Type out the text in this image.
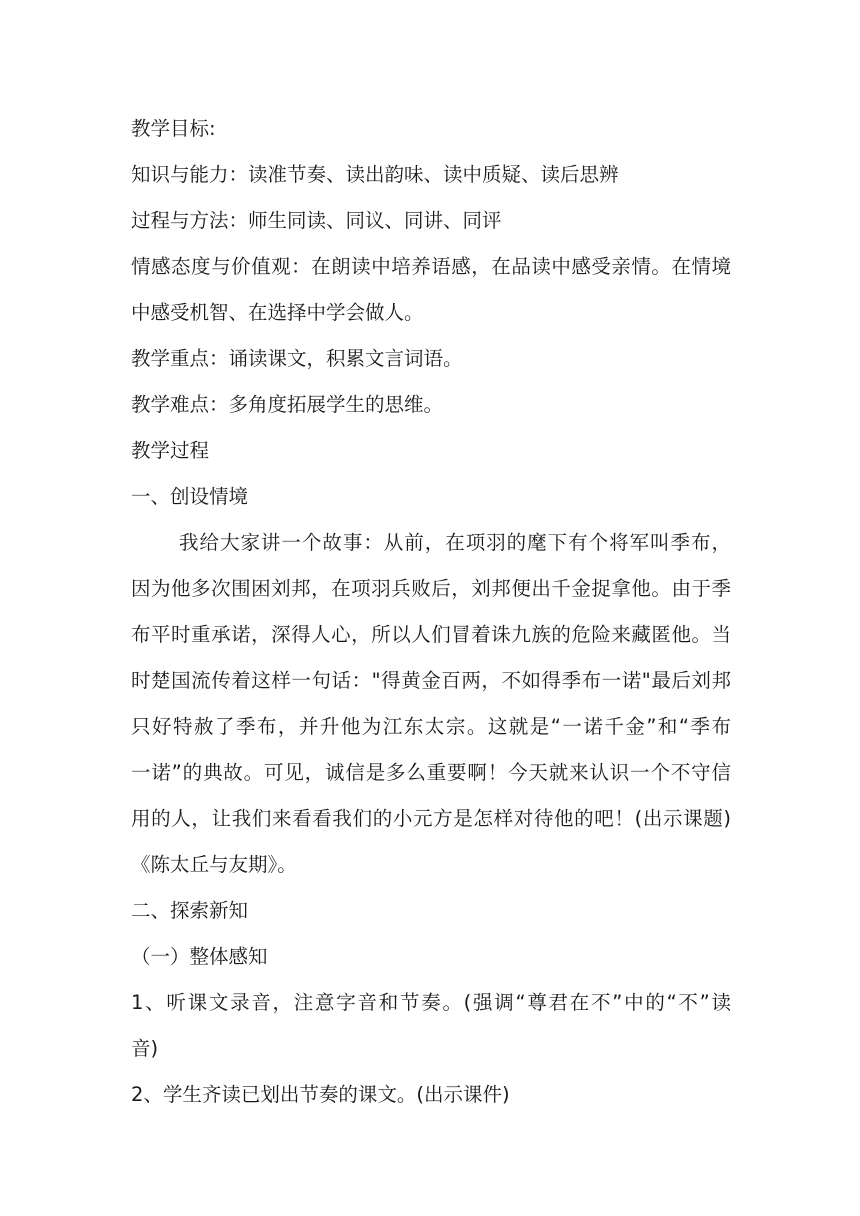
教学目标:

知识与能力：读准节奏、读出韵味、读中质疑、读后思辨

过程与方法：师生同读、同议、同讲、同评

情感态度与价值观：在朗读中培养语感，在品读中感受亲情。在情境

中感受机智、在选择中学会做人。

教学重点：诵读课文，积累文言词语。

教学难点：多角度拓展学生的思维。

教学过程

一、创设情境

我给大家讲一个故事：从前，在项羽的麾下有个将军叫季布，

因为他多次围困刘邦，在项羽兵败后，刘邦便出千金捉拿他。由于季

布平时重承诺，深得人心，所以人们冒着诛九族的危险来藏匿他。当

时楚国流传着这样一句话："得黄金百两，不如得季布一诺"最后刘邦

只好特赦了季布，并升他为江东太宗。这就是“一诺千金”和“季布

一诺”的典故。可见，诚信是多么重要啊！今天就来认识一个不守信

用的人，让我们来看看我们的小元方是怎样对待他的吧！(出示课题)

《陈太丘与友期》。

二、探索新知

（一）整体感知

1、听课文录音，注意字音和节奏。(强调“尊君在不”中的“不”读

音)

2、学生齐读已划出节奏的课文。(出示课件)
